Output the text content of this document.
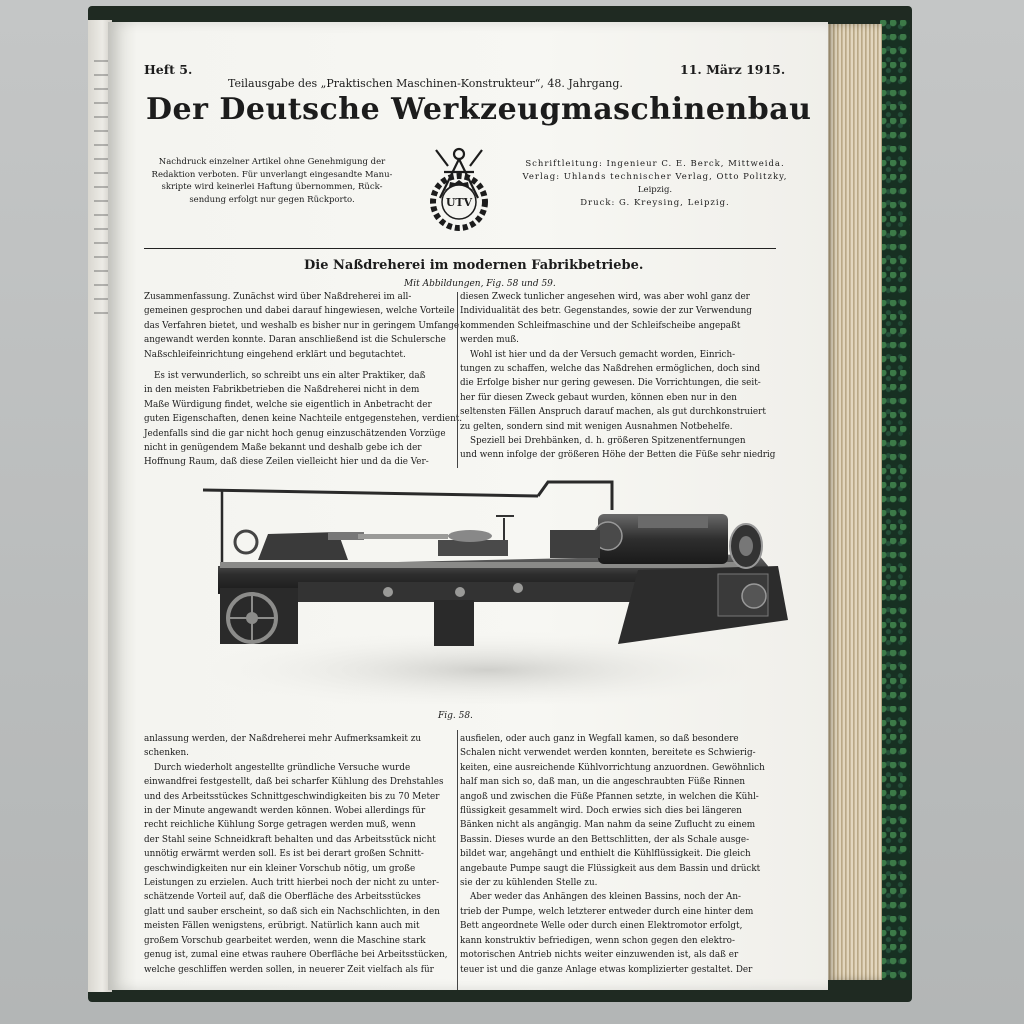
Heft 5.	11. März 1915.
Teilausgabe des „Praktischen Maschinen-Konstrukteur“, 48. Jahrgang.
Der Deutsche Werkzeugmaschinenbau
Nachdruck einzelner Artikel ohne Genehmigung der
Redaktion verboten. Für unverlangt eingesandte Manu-
skripte wird keinerlei Haftung übernommen, Rück-
sendung erfolgt nur gegen Rückporto.	UTV
Schriftleitung: Ingenieur C. E. Berck, Mittweida.
Verlag: Uhlands technischer Verlag, Otto Politzky,
Leipzig.
Druck: G. Kreysing, Leipzig.
Die Naßdreherei im modernen Fabrikbetriebe.
Mit Abbildungen, Fig. 58 und 59.
Zusammenfassung. Zunächst wird über Naßdreherei im all-
gemeinen gesprochen und dabei darauf hingewiesen, welche Vorteile
das Verfahren bietet, und weshalb es bisher nur in geringem Umfange
angewandt werden konnte. Daran anschließend ist die Schulersche
Naßschleifeinrichtung eingehend erklärt und begutachtet.
Es ist verwunderlich, so schreibt uns ein alter Praktiker, daß
in den meisten Fabrikbetrieben die Naßdreherei nicht in dem
Maße Würdigung findet, welche sie eigentlich in Anbetracht der
guten Eigenschaften, denen keine Nachteile entgegenstehen, verdient.
Jedenfalls sind die gar nicht hoch genug einzuschätzenden Vorzüge
nicht in genügendem Maße bekannt und deshalb gebe ich der
Hoffnung Raum, daß diese Zeilen vielleicht hier und da die Ver-
diesen Zweck tunlicher angesehen wird, was aber wohl ganz der
Individualität des betr. Gegenstandes, sowie der zur Verwendung
kommenden Schleifmaschine und der Schleifscheibe angepaßt
werden muß.
Wohl ist hier und da der Versuch gemacht worden, Einrich-
tungen zu schaffen, welche das Naßdrehen ermöglichen, doch sind
die Erfolge bisher nur gering gewesen. Die Vorrichtungen, die seit-
her für diesen Zweck gebaut wurden, können eben nur in den
seltensten Fällen Anspruch darauf machen, als gut durchkonstruiert
zu gelten, sondern sind mit wenigen Ausnahmen Notbehelfe.
Speziell bei Drehbänken, d. h. größeren Spitzenentfernungen
und wenn infolge der größeren Höhe der Betten die Füße sehr niedrig
Fig. 58.
anlassung werden, der Naßdreherei mehr Aufmerksamkeit zu
schenken.
Durch wiederholt angestellte gründliche Versuche wurde
einwandfrei festgestellt, daß bei scharfer Kühlung des Drehstahles
und des Arbeitsstückes Schnittgeschwindigkeiten bis zu 70 Meter
in der Minute angewandt werden können. Wobei allerdings für
recht reichliche Kühlung Sorge getragen werden muß, wenn
der Stahl seine Schneidkraft behalten und das Arbeitsstück nicht
unnötig erwärmt werden soll. Es ist bei derart großen Schnitt-
geschwindigkeiten nur ein kleiner Vorschub nötig, um große
Leistungen zu erzielen. Auch tritt hierbei noch der nicht zu unter-
schätzende Vorteil auf, daß die Oberfläche des Arbeitsstückes
glatt und sauber erscheint, so daß sich ein Nachschlichten, in den
meisten Fällen wenigstens, erübrigt. Natürlich kann auch mit
großem Vorschub gearbeitet werden, wenn die Maschine stark
genug ist, zumal eine etwas rauhere Oberfläche bei Arbeitsstücken,
welche geschliffen werden sollen, in neuerer Zeit vielfach als für
ausfielen, oder auch ganz in Wegfall kamen, so daß besondere
Schalen nicht verwendet werden konnten, bereitete es Schwierig-
keiten, eine ausreichende Kühlvorrichtung anzuordnen. Gewöhnlich
half man sich so, daß man, un die angeschraubten Füße Rinnen
angoß und zwischen die Füße Pfannen setzte, in welchen die Kühl-
flüssigkeit gesammelt wird. Doch erwies sich dies bei längeren
Bänken nicht als angängig. Man nahm da seine Zuflucht zu einem
Bassin. Dieses wurde an den Bettschlitten, der als Schale ausge-
bildet war, angehängt und enthielt die Kühlflüssigkeit. Die gleich
angebaute Pumpe saugt die Flüssigkeit aus dem Bassin und drückt
sie der zu kühlenden Stelle zu.
Aber weder das Anhängen des kleinen Bassins, noch der An-
trieb der Pumpe, welch letzterer entweder durch eine hinter dem
Bett angeordnete Welle oder durch einen Elektromotor erfolgt,
kann konstruktiv befriedigen, wenn schon gegen den elektro-
motorischen Antrieb nichts weiter einzuwenden ist, als daß er
teuer ist und die ganze Anlage etwas komplizierter gestaltet. Der
